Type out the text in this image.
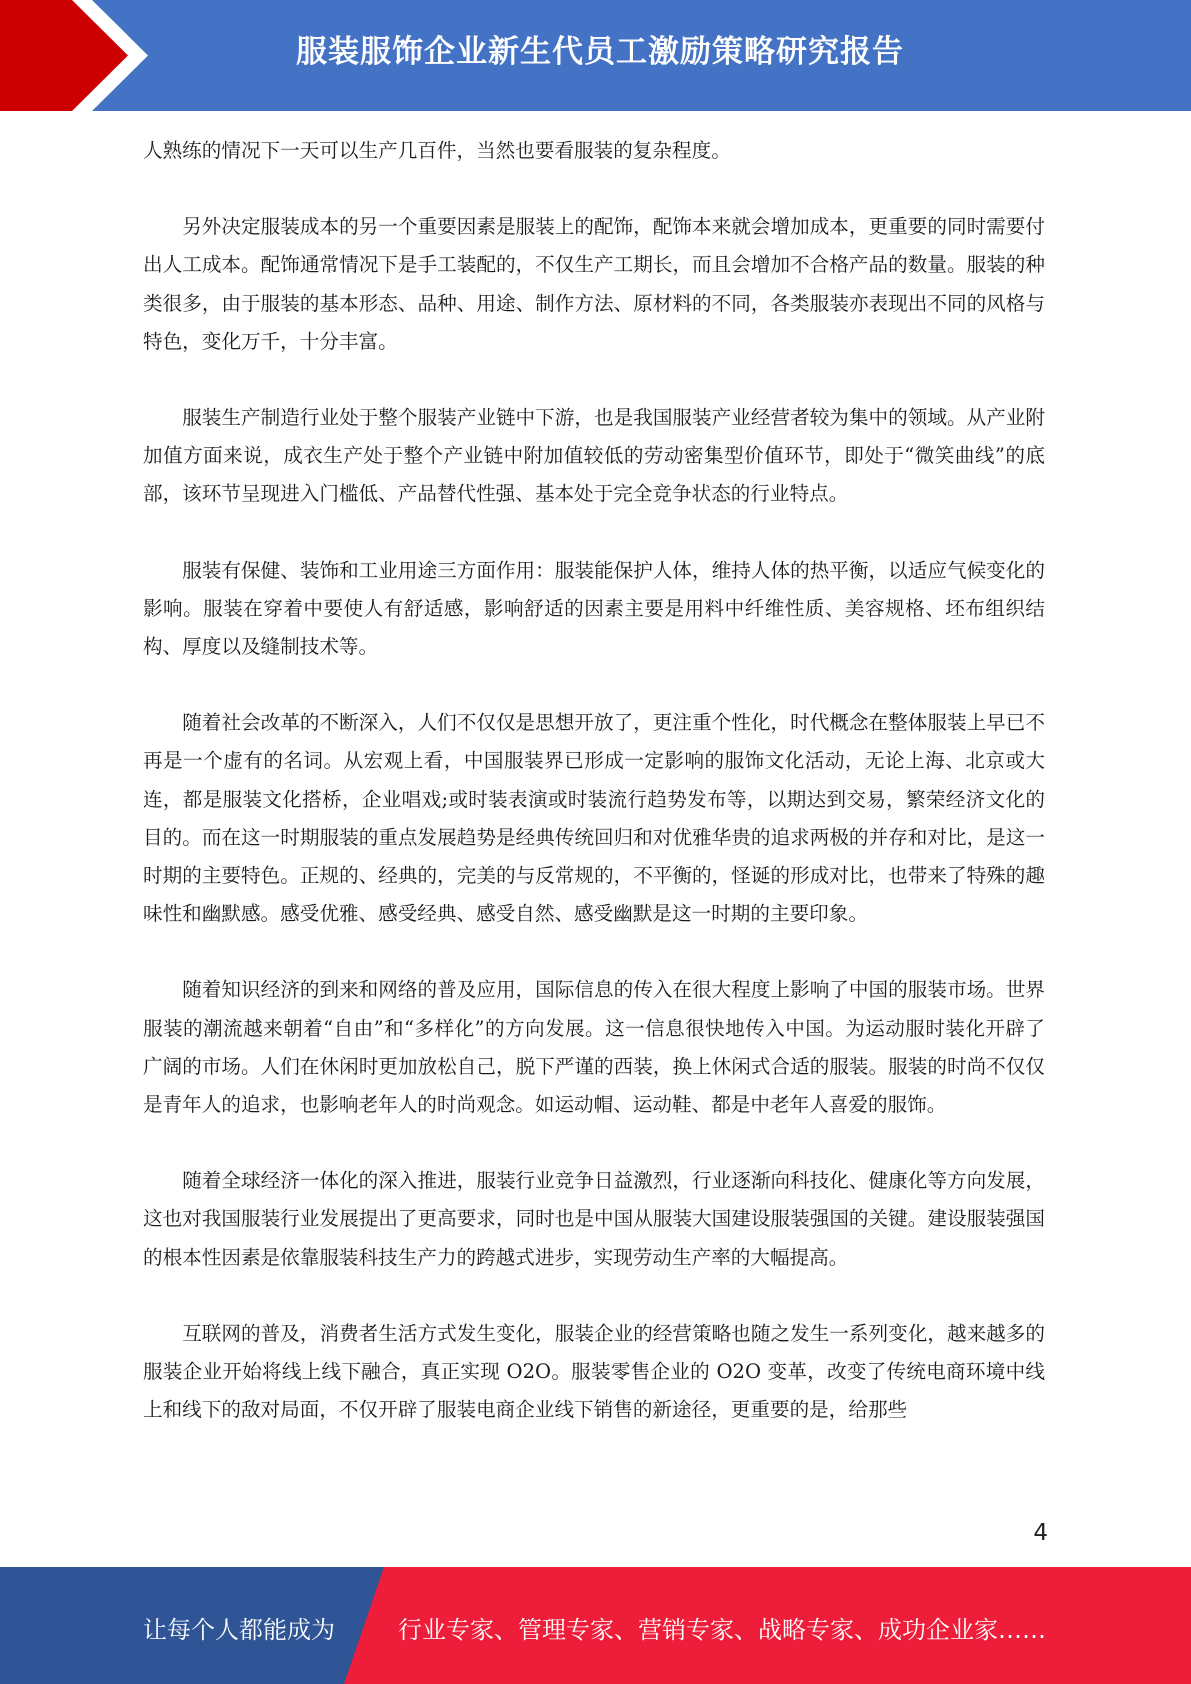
服装服饰企业新生代员工激励策略研究报告

人熟练的情况下一天可以生产几百件，当然也要看服装的复杂程度。

另外决定服装成本的另一个重要因素是服装上的配饰，配饰本来就会增加成本，更重要的同时需要付出人工成本。配饰通常情况下是手工装配的，不仅生产工期长，而且会增加不合格产品的数量。服装的种类很多，由于服装的基本形态、品种、用途、制作方法、原材料的不同，各类服装亦表现出不同的风格与特色，变化万千，十分丰富。

服装生产制造行业处于整个服装产业链中下游，也是我国服装产业经营者较为集中的领域。从产业附加值方面来说，成衣生产处于整个产业链中附加值较低的劳动密集型价值环节，即处于“微笑曲线”的底部，该环节呈现进入门槛低、产品替代性强、基本处于完全竞争状态的行业特点。

服装有保健、装饰和工业用途三方面作用：服装能保护人体，维持人体的热平衡，以适应气候变化的影响。服装在穿着中要使人有舒适感，影响舒适的因素主要是用料中纤维性质、美容规格、坯布组织结构、厚度以及缝制技术等。

随着社会改革的不断深入，人们不仅仅是思想开放了，更注重个性化，时代概念在整体服装上早已不再是一个虚有的名词。从宏观上看，中国服装界已形成一定影响的服饰文化活动，无论上海、北京或大连，都是服装文化搭桥，企业唱戏;或时装表演或时装流行趋势发布等，以期达到交易，繁荣经济文化的目的。而在这一时期服装的重点发展趋势是经典传统回归和对优雅华贵的追求两极的并存和对比，是这一时期的主要特色。正规的、经典的，完美的与反常规的，不平衡的，怪诞的形成对比，也带来了特殊的趣味性和幽默感。感受优雅、感受经典、感受自然、感受幽默是这一时期的主要印象。

随着知识经济的到来和网络的普及应用，国际信息的传入在很大程度上影响了中国的服装市场。世界服装的潮流越来朝着“自由”和“多样化”的方向发展。这一信息很快地传入中国。为运动服时装化开辟了广阔的市场。人们在休闲时更加放松自己，脱下严谨的西装，换上休闲式合适的服装。服装的时尚不仅仅是青年人的追求，也影响老年人的时尚观念。如运动帽、运动鞋、都是中老年人喜爱的服饰。

随着全球经济一体化的深入推进，服装行业竞争日益激烈，行业逐渐向科技化、健康化等方向发展，这也对我国服装行业发展提出了更高要求，同时也是中国从服装大国建设服装强国的关键。建设服装强国的根本性因素是依靠服装科技生产力的跨越式进步，实现劳动生产率的大幅提高。

互联网的普及，消费者生活方式发生变化，服装企业的经营策略也随之发生一系列变化，越来越多的服装企业开始将线上线下融合，真正实现 O2O。服装零售企业的 O2O 变革，改变了传统电商环境中线上和线下的敌对局面，不仅开辟了服装电商企业线下销售的新途径，更重要的是，给那些

4
让每个人都能成为	行业专家、管理专家、营销专家、战略专家、成功企业家……
